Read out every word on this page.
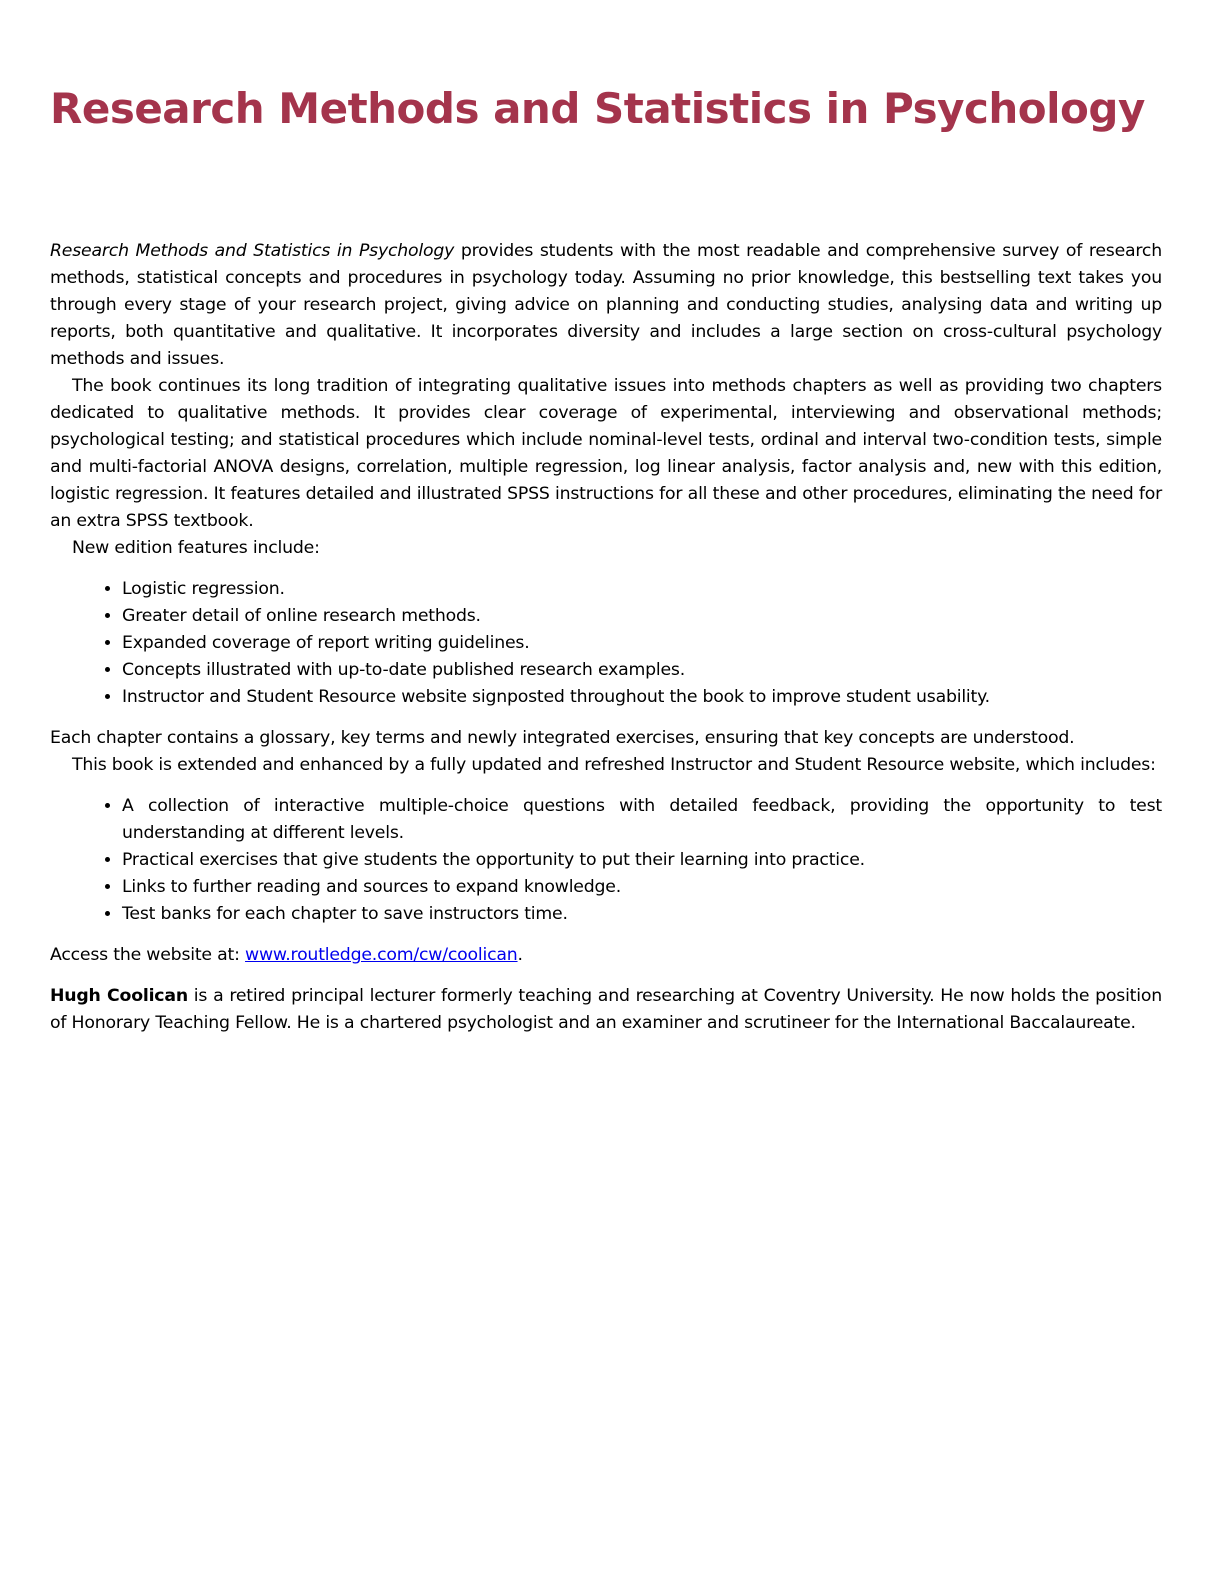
Research Methods and Statistics in Psychology

Research Methods and Statistics in Psychology provides students with the most readable and comprehensive survey of research methods, statistical concepts and procedures in psychology today. Assuming no prior knowledge, this bestselling text takes you through every stage of your research project, giving advice on planning and conducting studies, analysing data and writing up reports, both quantitative and qualitative. It incorporates diversity and includes a large section on cross-cultural psychology methods and issues.

The book continues its long tradition of integrating qualitative issues into methods chapters as well as providing two chapters dedicated to qualitative methods. It provides clear coverage of experimental, interviewing and observational methods; psychological testing; and statistical procedures which include nominal-level tests, ordinal and interval two-condition tests, simple and multi-factorial ANOVA designs, correlation, multiple regression, log linear analysis, factor analysis and, new with this edition, logistic regression. It features detailed and illustrated SPSS instructions for all these and other procedures, eliminating the need for an extra SPSS textbook.

New edition features include:

• Logistic regression.
• Greater detail of online research methods.
• Expanded coverage of report writing guidelines.
• Concepts illustrated with up-to-date published research examples.
• Instructor and Student Resource website signposted throughout the book to improve student usability.

Each chapter contains a glossary, key terms and newly integrated exercises, ensuring that key concepts are understood.

This book is extended and enhanced by a fully updated and refreshed Instructor and Student Resource website, which includes:

• A collection of interactive multiple-choice questions with detailed feedback, providing the opportunity to test understanding at different levels.
• Practical exercises that give students the opportunity to put their learning into practice.
• Links to further reading and sources to expand knowledge.
• Test banks for each chapter to save instructors time.

Access the website at: www.routledge.com/cw/coolican.

Hugh Coolican is a retired principal lecturer formerly teaching and researching at Coventry University. He now holds the position of Honorary Teaching Fellow. He is a chartered psychologist and an examiner and scrutineer for the International Baccalaureate.
